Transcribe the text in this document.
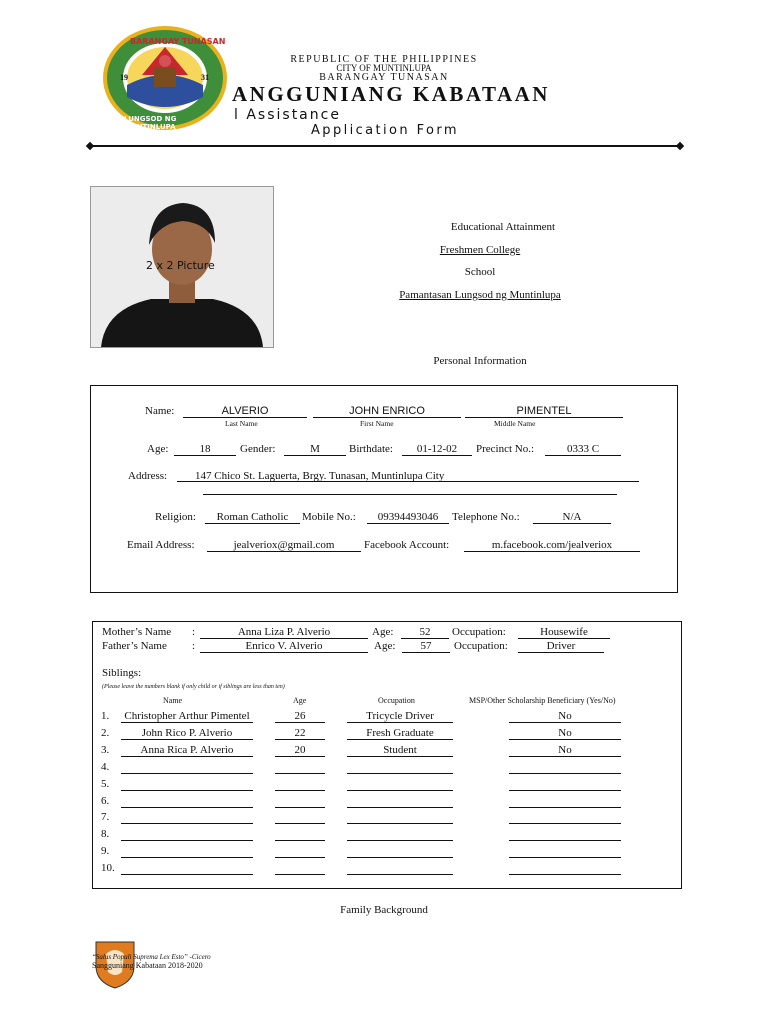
BARANGAY TUNASAN
19	31
LUNGSOD NG MUNTINLUPA
REPUBLIC OF THE PHILIPPINES
CITY OF MUNTINLUPA
BARANGAY TUNASAN
ANGGUNIANG KABATAAN
l Assistance
Application Form
2 x 2 Picture
Educational Attainment
Freshmen College
School
Pamantasan Lungsod ng Muntinlupa
Personal Information
Name:	ALVERIO	JOHN ENRICO	PIMENTEL
Last Name	First Name	Middle Name
Age:	18	Gender:	M	Birthdate:	01-12-02	Precinct No.:	0333 C
Address:	147 Chico St. Laguerta, Brgy. Tunasan, Muntinlupa City
Religion:	Roman Catholic	Mobile No.:	09394493046	Telephone No.:	N/A
Email Address:	jealveriox@gmail.com	Facebook Account:	m.facebook.com/jealveriox
Mother’s Name :	Anna Liza P. Alverio	Age:	52	Occupation:	Housewife
Father’s Name :	Enrico V. Alverio	Age:	57	Occupation:	Driver
Siblings:
(Please leave the numbers blank if only child or if siblings are less than ten)
Name	Age	Occupation	MSP/Other Scholarship Beneficiary (Yes/No)
1.	Christopher Arthur Pimentel	26	Tricycle Driver	No
2.	John Rico P. Alverio	22	Fresh Graduate	No
3.	Anna Rica P. Alverio	20	Student	No
4.
5.
6.
7.
8.
9.
10.
Family Background
“Salus Populi Suprema Lex Esto” -Cicero
Sangguniang Kabataan 2018-2020
